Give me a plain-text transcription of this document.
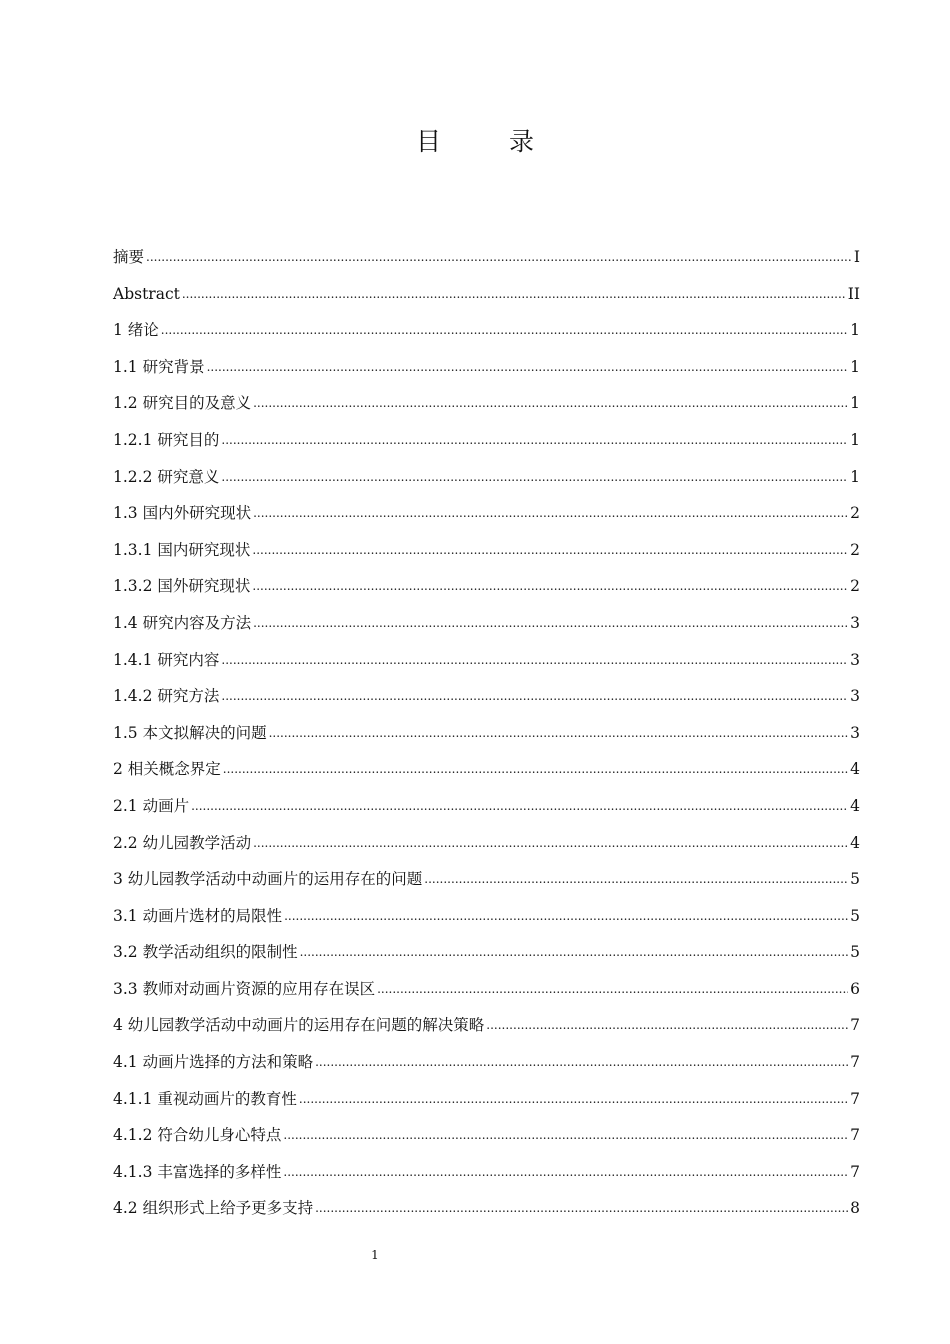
目 录
摘要 .....	I
Abstract .....	II
1 绪论 .....	1
1.1 研究背景 .....	1
1.2 研究目的及意义 .....	1
1.2.1 研究目的 .....	1
1.2.2 研究意义 .....	1
1.3 国内外研究现状 .....	2
1.3.1 国内研究现状 .....	2
1.3.2 国外研究现状 .....	2
1.4 研究内容及方法 .....	3
1.4.1 研究内容 .....	3
1.4.2 研究方法 .....	3
1.5 本文拟解决的问题 .....	3
2 相关概念界定 .....	4
2.1 动画片 .....	4
2.2 幼儿园教学活动 .....	4
3 幼儿园教学活动中动画片的运用存在的问题 .....	5
3.1 动画片选材的局限性 .....	5
3.2 教学活动组织的限制性 .....	5
3.3 教师对动画片资源的应用存在误区 .....	6
4 幼儿园教学活动中动画片的运用存在问题的解决策略 .....	7
4.1 动画片选择的方法和策略 .....	7
4.1.1 重视动画片的教育性 .....	7
4.1.2 符合幼儿身心特点 .....	7
4.1.3 丰富选择的多样性 .....	7
4.2 组织形式上给予更多支持 .....	8
1
